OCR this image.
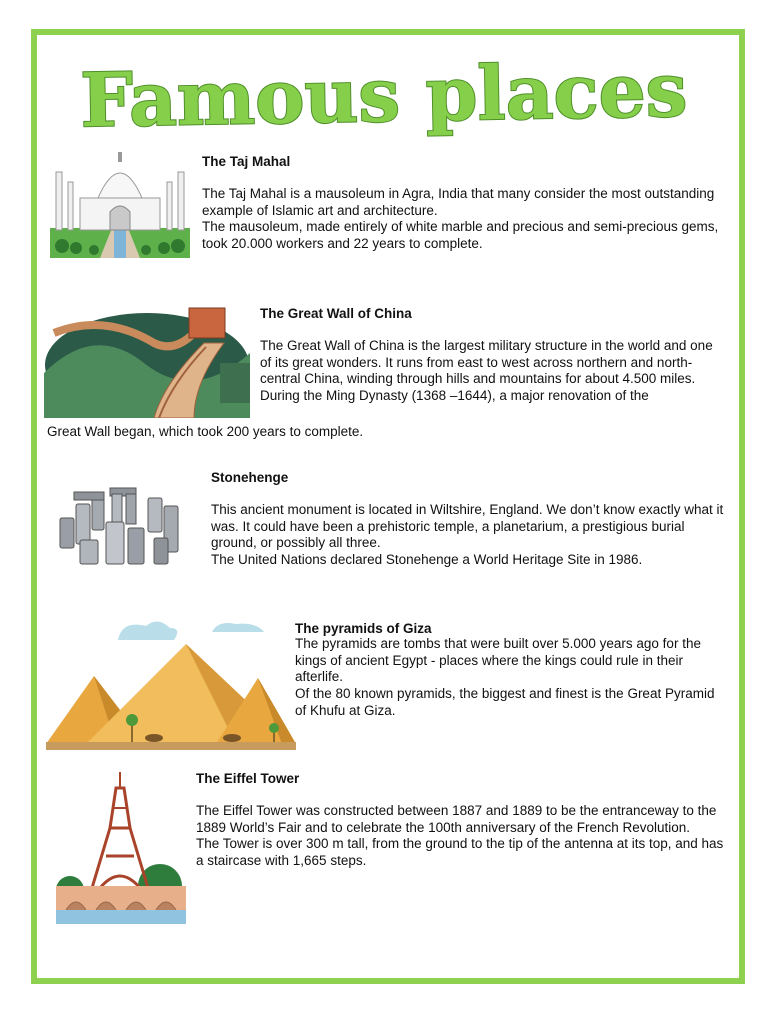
Famous places

The Taj Mahal

The Taj Mahal is a mausoleum in Agra, India that many consider the most outstanding example of Islamic art and architecture.
The mausoleum, made entirely of white marble and precious and semi-precious gems, took 20.000 workers and 22 years to complete.

The Great Wall of China

The Great Wall of China is the largest military structure in the world and one of its great wonders. It runs from east to west across northern and north-central China, winding through hills and mountains for about 4.500 miles.
During the Ming Dynasty (1368 –1644), a major renovation of the

Great Wall began, which took 200 years to complete.

Stonehenge

This ancient monument is located in Wiltshire, England. We don’t know exactly what it was. It could have been a prehistoric temple, a planetarium, a prestigious burial ground, or possibly all three.
The United Nations declared Stonehenge a World Heritage Site in 1986.

The pyramids of Giza

The pyramids are tombs that were built over 5.000 years ago for the kings of ancient Egypt - places where the kings could rule in their afterlife.
Of the 80 known pyramids, the biggest and finest is the Great Pyramid of Khufu at Giza.

The Eiffel Tower

The Eiffel Tower was constructed between 1887 and 1889 to be the entranceway to the 1889 World’s Fair and to celebrate the 100th anniversary of the French Revolution.
The Tower is over 300 m tall, from the ground to the tip of the antenna at its top, and has a staircase with 1,665 steps.
